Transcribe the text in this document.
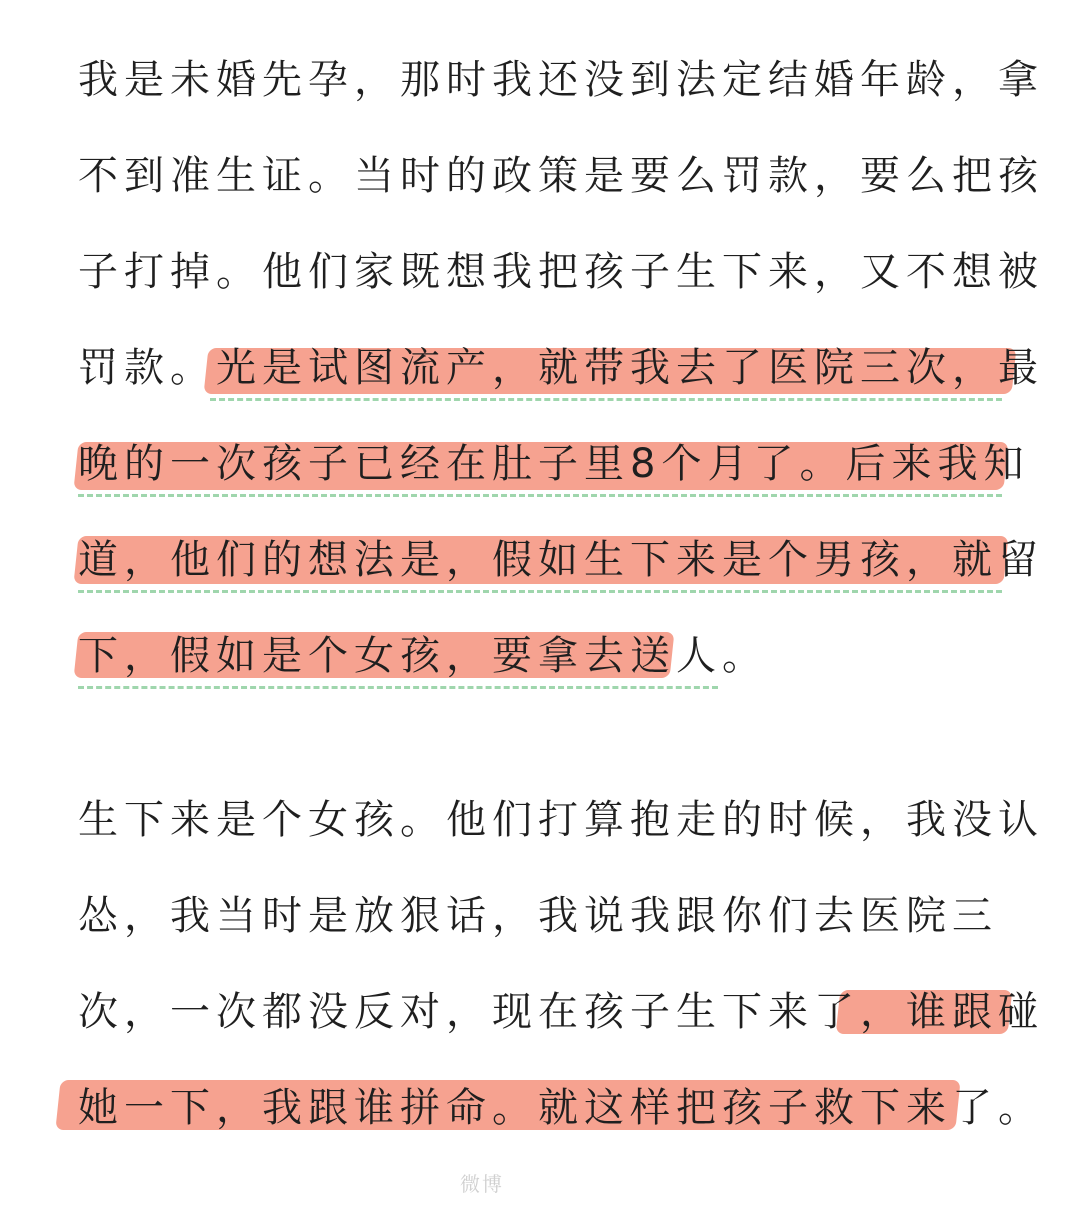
我是未婚先孕，那时我还没到法定结婚年龄，拿
不到准生证。当时的政策是要么罚款，要么把孩
子打掉。他们家既想我把孩子生下来，又不想被
罚款。光是试图流产，就带我去了医院三次，最
晚的一次孩子已经在肚子里8个月了。后来我知
道，他们的想法是，假如生下来是个男孩，就留
下，假如是个女孩，要拿去送人。
生下来是个女孩。他们打算抱走的时候，我没认
怂，我当时是放狠话，我说我跟你们去医院三
次，一次都没反对，现在孩子生下来了，谁跟碰
她一下，我跟谁拼命。就这样把孩子救下来了。
微博
